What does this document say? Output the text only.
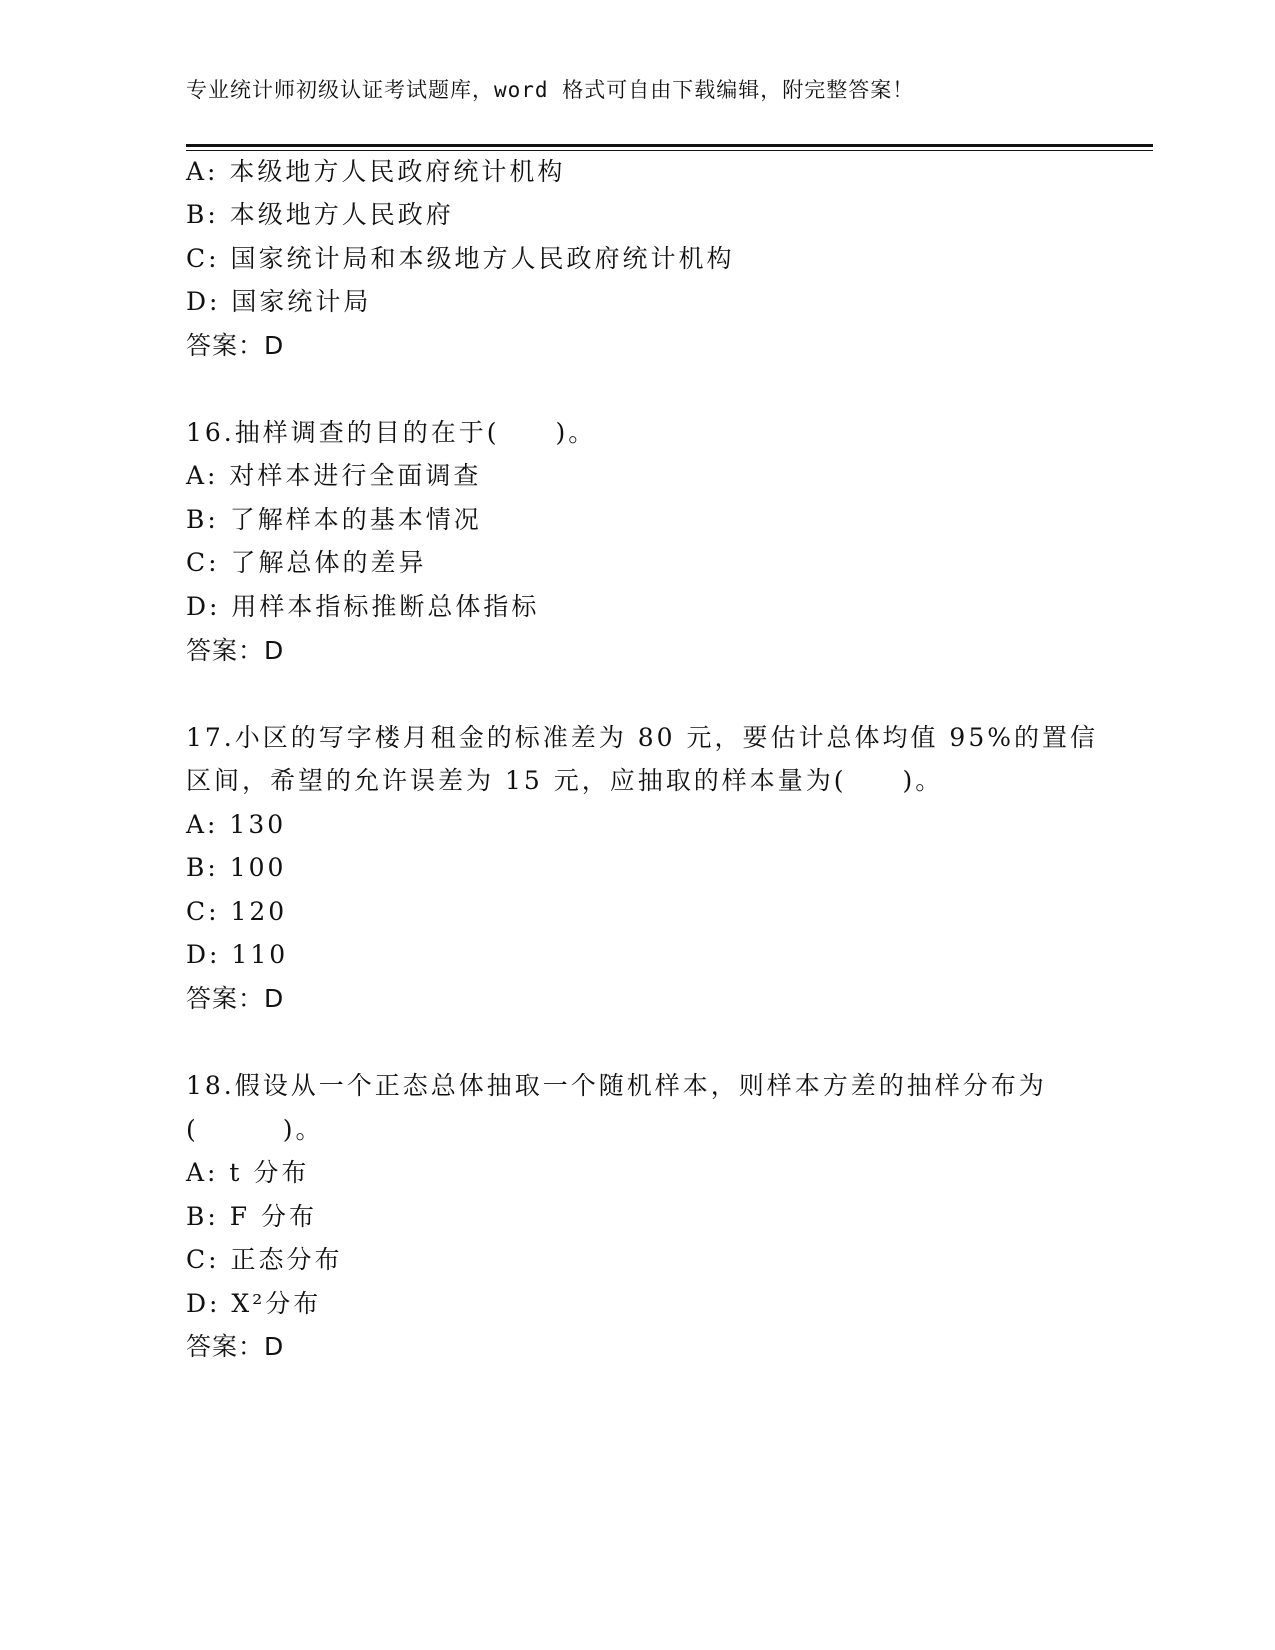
专业统计师初级认证考试题库，word 格式可自由下载编辑，附完整答案！
A: 本级地方人民政府统计机构
B: 本级地方人民政府
C: 国家统计局和本级地方人民政府统计机构
D: 国家统计局
答案：D
16.抽样调查的目的在于(　　)。
A: 对样本进行全面调查
B: 了解样本的基本情况
C: 了解总体的差异
D: 用样本指标推断总体指标
答案：D
17.小区的写字楼月租金的标准差为 80 元，要估计总体均值 95%的置信
区间，希望的允许误差为 15 元，应抽取的样本量为(　　)。
A: 130
B: 100
C: 120
D: 110
答案：D
18.假设从一个正态总体抽取一个随机样本，则样本方差的抽样分布为
(　　　)。
A: t 分布
B: F 分布
C: 正态分布
D: X²分布
答案：D
